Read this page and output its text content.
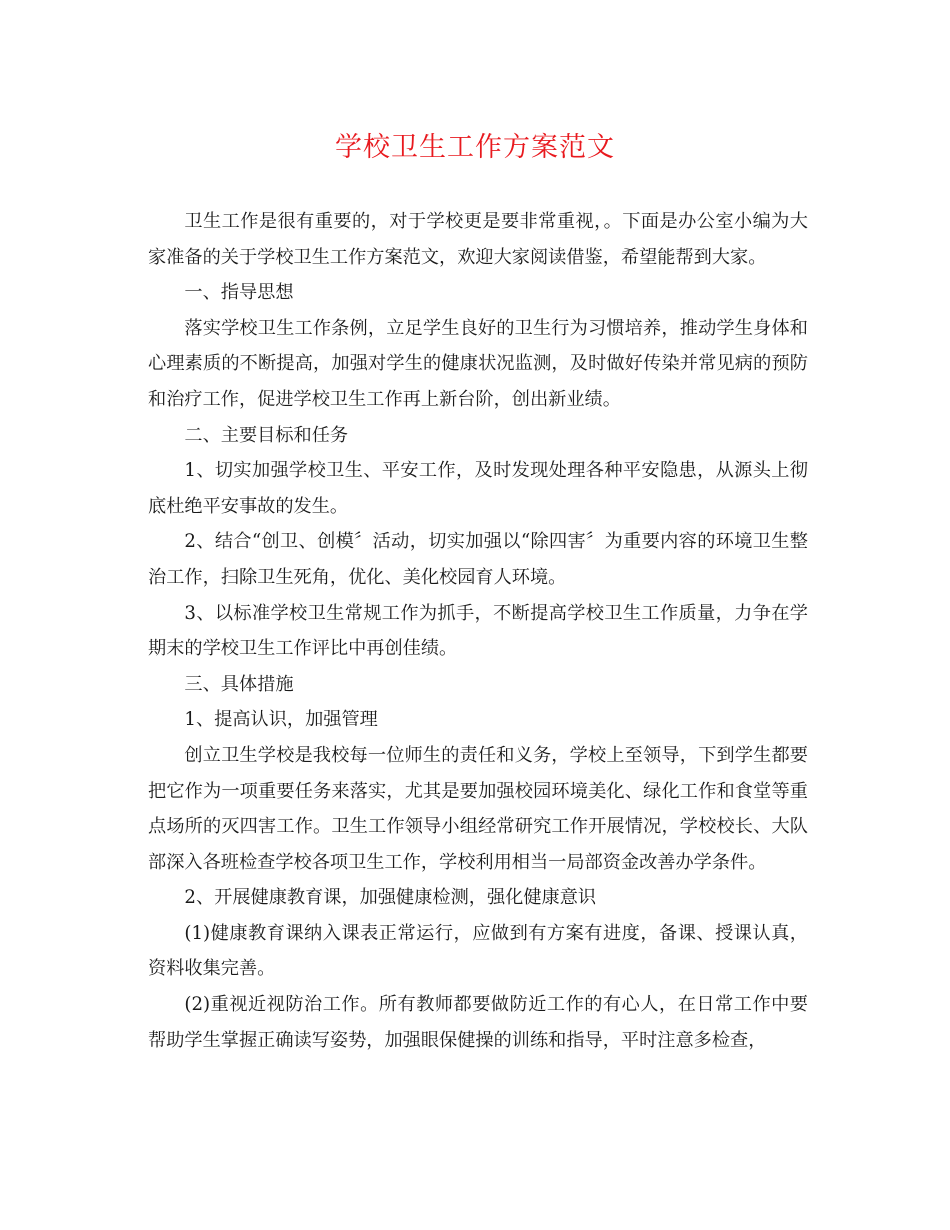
学校卫生工作方案范文

卫生工作是很有重要的，对于学校更是要非常重视，。下面是办公室小编为大家准备的关于学校卫生工作方案范文，欢迎大家阅读借鉴，希望能帮到大家。

一、指导思想

落实学校卫生工作条例，立足学生良好的卫生行为习惯培养，推动学生身体和心理素质的不断提高，加强对学生的健康状况监测，及时做好传染并常见病的预防和治疗工作，促进学校卫生工作再上新台阶，创出新业绩。

二、主要目标和任务

1、切实加强学校卫生、平安工作，及时发现处理各种平安隐患，从源头上彻底杜绝平安事故的发生。

2、结合“创卫、创模〞活动，切实加强以“除四害〞为重要内容的环境卫生整治工作，扫除卫生死角，优化、美化校园育人环境。

3、以标准学校卫生常规工作为抓手，不断提高学校卫生工作质量，力争在学期末的学校卫生工作评比中再创佳绩。

三、具体措施

1、提高认识，加强管理

创立卫生学校是我校每一位师生的责任和义务，学校上至领导，下到学生都要把它作为一项重要任务来落实，尤其是要加强校园环境美化、绿化工作和食堂等重点场所的灭四害工作。卫生工作领导小组经常研究工作开展情况，学校校长、大队部深入各班检查学校各项卫生工作，学校利用相当一局部资金改善办学条件。

2、开展健康教育课，加强健康检测，强化健康意识

(1)健康教育课纳入课表正常运行，应做到有方案有进度，备课、授课认真，资料收集完善。

(2)重视近视防治工作。所有教师都要做防近工作的有心人，在日常工作中要帮助学生掌握正确读写姿势，加强眼保健操的训练和指导，平时注意多检查，
